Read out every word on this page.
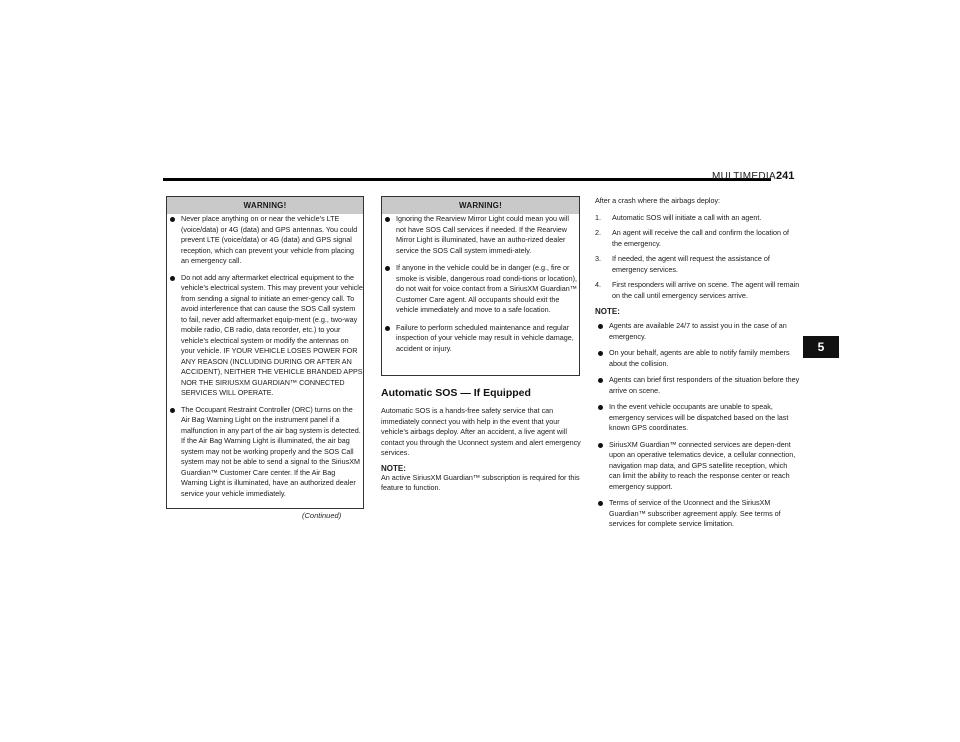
MULTIMEDIA 241
5
WARNING!
Never place anything on or near the vehicle’s LTE (voice/data) or 4G (data) and GPS antennas. You could prevent LTE (voice/data) or 4G (data) and GPS signal reception, which can prevent your vehicle from placing an emergency call.
Do not add any aftermarket electrical equipment to the vehicle’s electrical system. This may prevent your vehicle from sending a signal to initiate an emer-gency call. To avoid interference that can cause the SOS Call system to fail, never add aftermarket equip-ment (e.g., two-way mobile radio, CB radio, data recorder, etc.) to your vehicle’s electrical system or modify the antennas on your vehicle. IF YOUR VEHICLE LOSES POWER FOR ANY REASON (INCLUDING DURING OR AFTER AN ACCIDENT), NEITHER THE VEHICLE BRANDED APPS NOR THE SIRIUSXM GUARDIAN™ CONNECTED SERVICES WILL OPERATE.
The Occupant Restraint Controller (ORC) turns on the Air Bag Warning Light on the instrument panel if a malfunction in any part of the air bag system is detected. If the Air Bag Warning Light is illuminated, the air bag system may not be working properly and the SOS Call system may not be able to send a signal to the SiriusXM Guardian™ Customer Care center. If the Air Bag Warning Light is illuminated, have an authorized dealer service your vehicle immediately.
(Continued)
WARNING!
Ignoring the Rearview Mirror Light could mean you will not have SOS Call services if needed. If the Rearview Mirror Light is illuminated, have an autho-rized dealer service the SOS Call system immedi-ately.
If anyone in the vehicle could be in danger (e.g., fire or smoke is visible, dangerous road condi-tions or location), do not wait for voice contact from a SiriusXM Guardian™ Customer Care agent. All occupants should exit the vehicle immediately and move to a safe location.
Failure to perform scheduled maintenance and regular inspection of your vehicle may result in vehicle damage, accident or injury.
Automatic SOS — If Equipped

Automatic SOS is a hands-free safety service that can immediately connect you with help in the event that your vehicle’s airbags deploy. After an accident, a live agent will contact you through the Uconnect system and alert emergency services.

NOTE:

An active SiriusXM Guardian™ subscription is required for this feature to function.

After a crash where the airbags deploy:

1. Automatic SOS will initiate a call with an agent.
2. An agent will receive the call and confirm the location of the emergency.
3. If needed, the agent will request the assistance of emergency services.
4. First responders will arrive on scene. The agent will remain on the call until emergency services arrive.

NOTE:

Agents are available 24/7 to assist you in the case of an emergency.
On your behalf, agents are able to notify family members about the collision.
Agents can brief first responders of the situation before they arrive on scene.
In the event vehicle occupants are unable to speak, emergency services will be dispatched based on the last known GPS coordinates.
SiriusXM Guardian™ connected services are depen-dent upon an operative telematics device, a cellular connection, navigation map data, and GPS satellite reception, which can limit the ability to reach the response center or reach emergency support.
Terms of service of the Uconnect and the SiriusXM Guardian™ subscriber agreement apply. See terms of services for complete service limitation.
